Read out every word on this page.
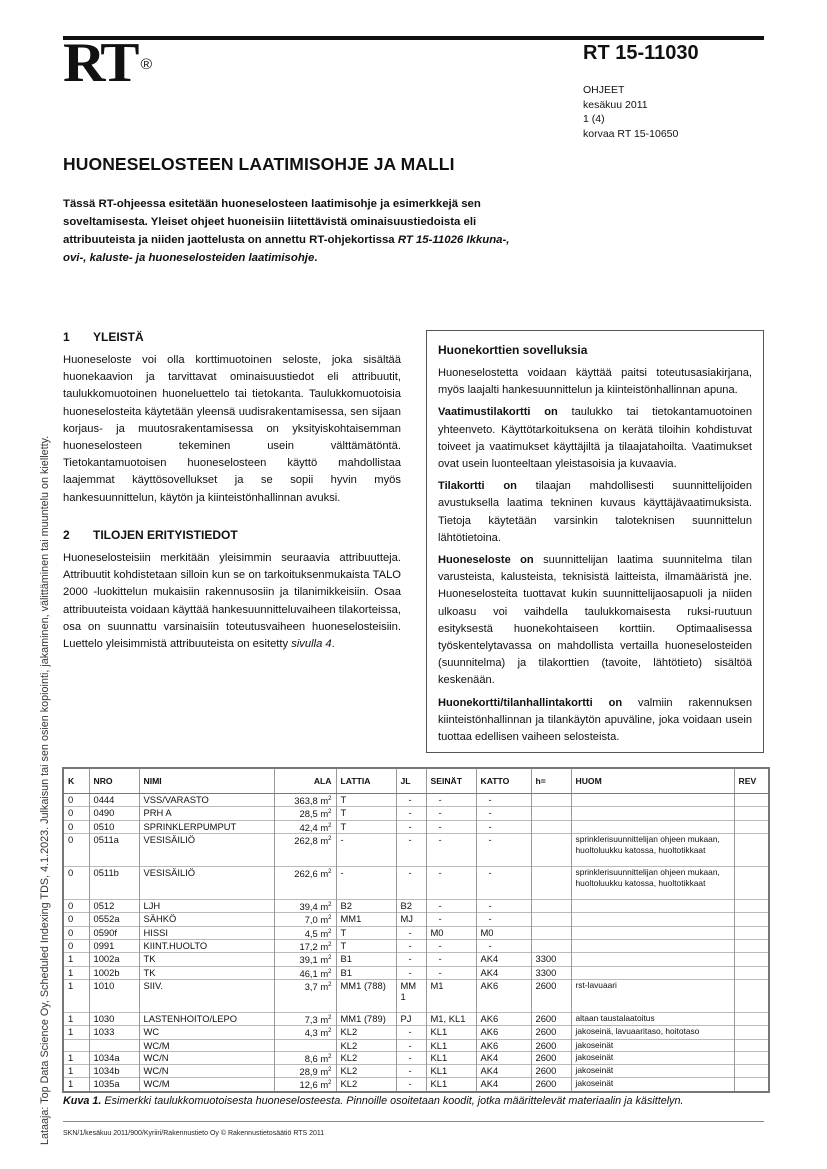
RT ®
RT 15-11030
OHJEET
kesäkuu 2011
1 (4)
korvaa RT 15-10650
HUONESELOSTEEN LAATIMISOHJE JA MALLI
Tässä RT-ohjeessa esitetään huoneselosteen laatimisohje ja esimerkkejä sen soveltamisesta. Yleiset ohjeet huoneisiin liitettävistä ominaisuustiedoista eli attribuuteista ja niiden jaottelusta on annettu RT-ohjekortissa RT 15-11026 Ikkuna-, ovi-, kaluste- ja huoneselosteiden laatimisohje.
1 YLEISTÄ
Huoneseloste voi olla korttimuotoinen seloste, joka sisältää huonekaavion ja tarvittavat ominaisuustiedot eli attribuutit, taulukkomuotoinen huoneluettelo tai tietokanta. Taulukkomuotoisia huoneselosteita käytetään yleensä uudisrakentamisessa, sen sijaan korjaus- ja muutosrakentamisessa on yksityiskohtaisemman huoneselosteen tekeminen usein välttämätöntä. Tietokantamuotoisen huoneselosteen käyttö mahdollistaa laajemmat käyttösovellukset ja se sopii hyvin myös hankesuunnittelun, käytön ja kiinteistönhallinnan avuksi.
2 TILOJEN ERITYISTIEDOT
Huoneselosteisiin merkitään yleisimmin seuraavia attribuutteja. Attribuutit kohdistetaan silloin kun se on tarkoituksenmukaista TALO 2000 -luokittelun mukaisiin rakennusosiin ja tilanimikkeisiin. Osaa attribuuteista voidaan käyttää hankesuunnitteluvaiheen tilakorteissa, osa on suunnattu varsinaisiin toteutusvaiheen huoneselosteisiin. Luettelo yleisimmistä attribuuteista on esitetty sivulla 4.
Huonekorttien sovelluksia

Huoneselostetta voidaan käyttää paitsi toteutusasiakirjana, myös laajalti hankesuunnittelun ja kiinteistönhallinnan apuna.

Vaatimustilakortti on taulukko tai tietokantamuotoinen yhteenveto. Käyttötarkoituksena on kerätä tiloihin kohdistuvat toiveet ja vaatimukset käyttäjiltä ja tilaajatahoilta. Vaatimukset ovat usein luonteeltaan yleistasoisia ja kuvaavia.

Tilakortti on tilaajan mahdollisesti suunnittelijoiden avustuksella laatima tekninen kuvaus käyttäjävaatimuksista. Tietoja käytetään varsinkin taloteknisen suunnittelun lähtötietoina.

Huoneseloste on suunnittelijan laatima suunnitelma tilan varusteista, kalusteista, teknisistä laitteista, ilmamääristä jne. Huoneselosteita tuottavat kukin suunnittelijaosapuoli ja niiden ulkoasu voi vaihdella taulukkomaisesta ruksi-ruutuun esityksestä huonekohtaiseen korttiin. Optimaalisessa työskentelytavassa on mahdollista vertailla huoneselosteiden (suunnitelma) ja tilakorttien (tavoite, lähtötieto) sisältöä keskenään.

Huonekortti/tilanhallintakortti on valmiin rakennuksen kiinteistönhallinnan ja tilankäytön apuväline, joka voidaan usein tuottaa edellisen vaiheen selosteista.

K	NRO	NIMI	ALA	LATTIA	JL	SEINÄT	KATTO	h=	HUOM	REV
0	0444	VSS/VARASTO	363,8 $m^2$	T	-	-	-			
0	0490	PRH A	28,5 $m^2$	T	-	-	-			
0	0510	SPRINKLERPUMPUT	42,4 $m^2$	T	-	-	-			
0	0511a	VESISÄILIÖ	262,8 $m^2$	-	-	-	-		sprinklerisuunnittelijan ohjeen mukaan, huoltoluukku katossa, huoltotikkaat	
0	0511b	VESISÄILIÖ	262,6 $m^2$	-	-	-	-		sprinklerisuunnittelijan ohjeen mukaan, huoltoluukku katossa, huoltotikkaat	
0	0512	LJH	39,4 $m^2$	B2	B2	-	-			
0	0552a	SÄHKÖ	7,0 $m^2$	MM1	MJ	-	-			
0	0590f	HISSI	4,5 $m^2$	T	-	M0	M0			
0	0991	KIINT.HUOLTO	17,2 $m^2$	T	-	-	-			
1	1002a	TK	39,1 $m^2$	B1	-	-	AK4	3300		
1	1002b	TK	46,1 $m^2$	B1	-	-	AK4	3300		
1	1010	SIIV.	3,7 $m^2$	MM1 (788)	MM 1	M1	AK6	2600	rst-lavuaari	
1	1030	LASTENHOITO/LEPO	7,3 $m^2$	MM1 (789)	PJ	M1, KL1	AK6	2600	altaan taustalaatoitus	
1	1033	WC	4,3 $m^2$	KL2	-	KL1	AK6	2600	jakoseinä, lavuaaritaso, hoitotaso	
		WC/M		KL2	-	KL1	AK6	2600	jakoseinät	
1	1034a	WC/N	8,6 $m^2$	KL2	-	KL1	AK4	2600	jakoseinät	
1	1034b	WC/N	28,9 $m^2$	KL2	-	KL1	AK4	2600	jakoseinät	
1	1035a	WC/M	12,6 $m^2$	KL2	-	KL1	AK4	2600	jakoseinät	
Kuva 1. Esimerkki taulukkomuotoisesta huoneselosteesta. Pinnoille osoitetaan koodit, jotka määrittelevät materiaalin ja käsittelyn.
SKN/1/kesäkuu 2011/900/Kyriiri/Rakennustieto Oy © Rakennustietosäätiö RTS 2011
Lataaja: Top Data Science Oy, Scheduled Indexing TDS, 4.1.2023. Julkaisun tai sen osien kopiointi, jakaminen, välittäminen tai muuntelu on kielletty.
